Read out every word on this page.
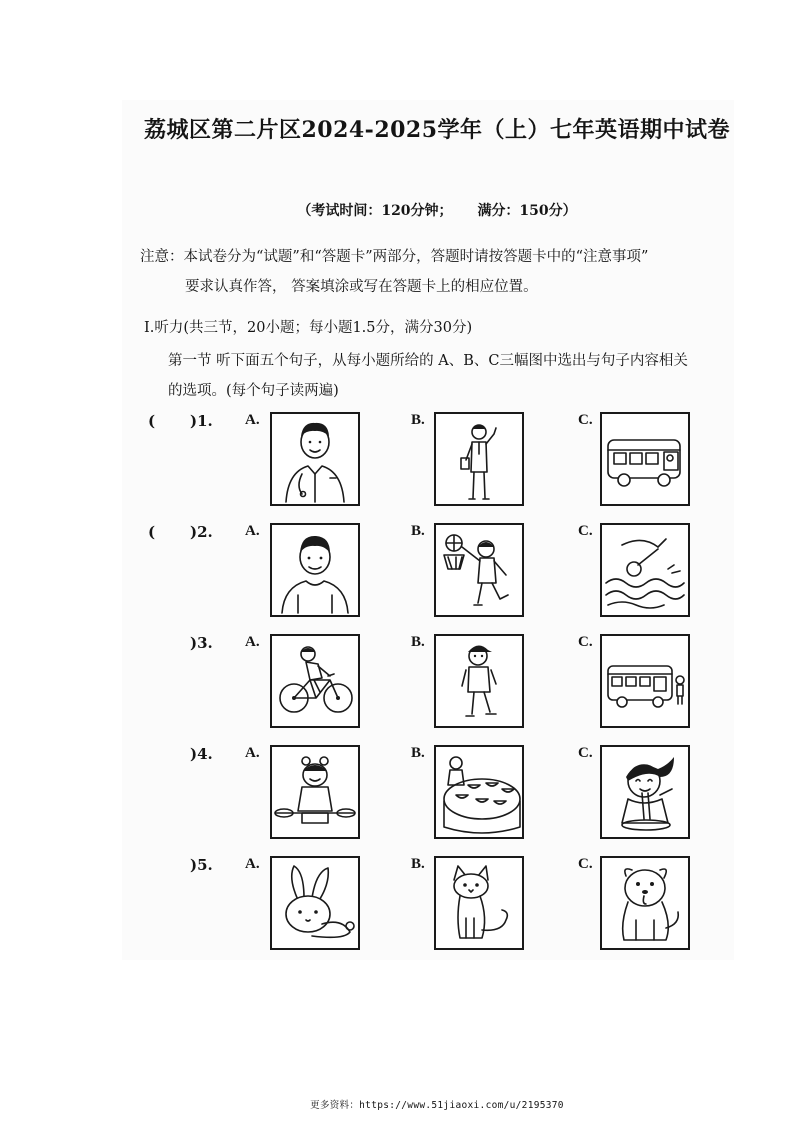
荔城区第二片区2024-2025学年（上）七年英语期中试卷
（考试时间：120分钟； 满分：150分）
注意：本试卷分为“试题”和“答题卡”两部分，答题时请按答题卡中的“注意事项”
要求认真作答， 答案填涂或写在答题卡上的相应位置。
Ⅰ.听力(共三节，20小题；每小题1.5分，满分30分)
第一节 听下面五个句子，从每小题所给的 A、B、C三幅图中选出与句子内容相关
的选项。(每个句子读两遍)
( )1. A.	B.	C.
( )2. A.	B.	C.
)3. A.	B.	C.
)4. A.	B.	C.
)5. A.	B.	C.
更多资料：https://www.51jiaoxi.com/u/2195370
